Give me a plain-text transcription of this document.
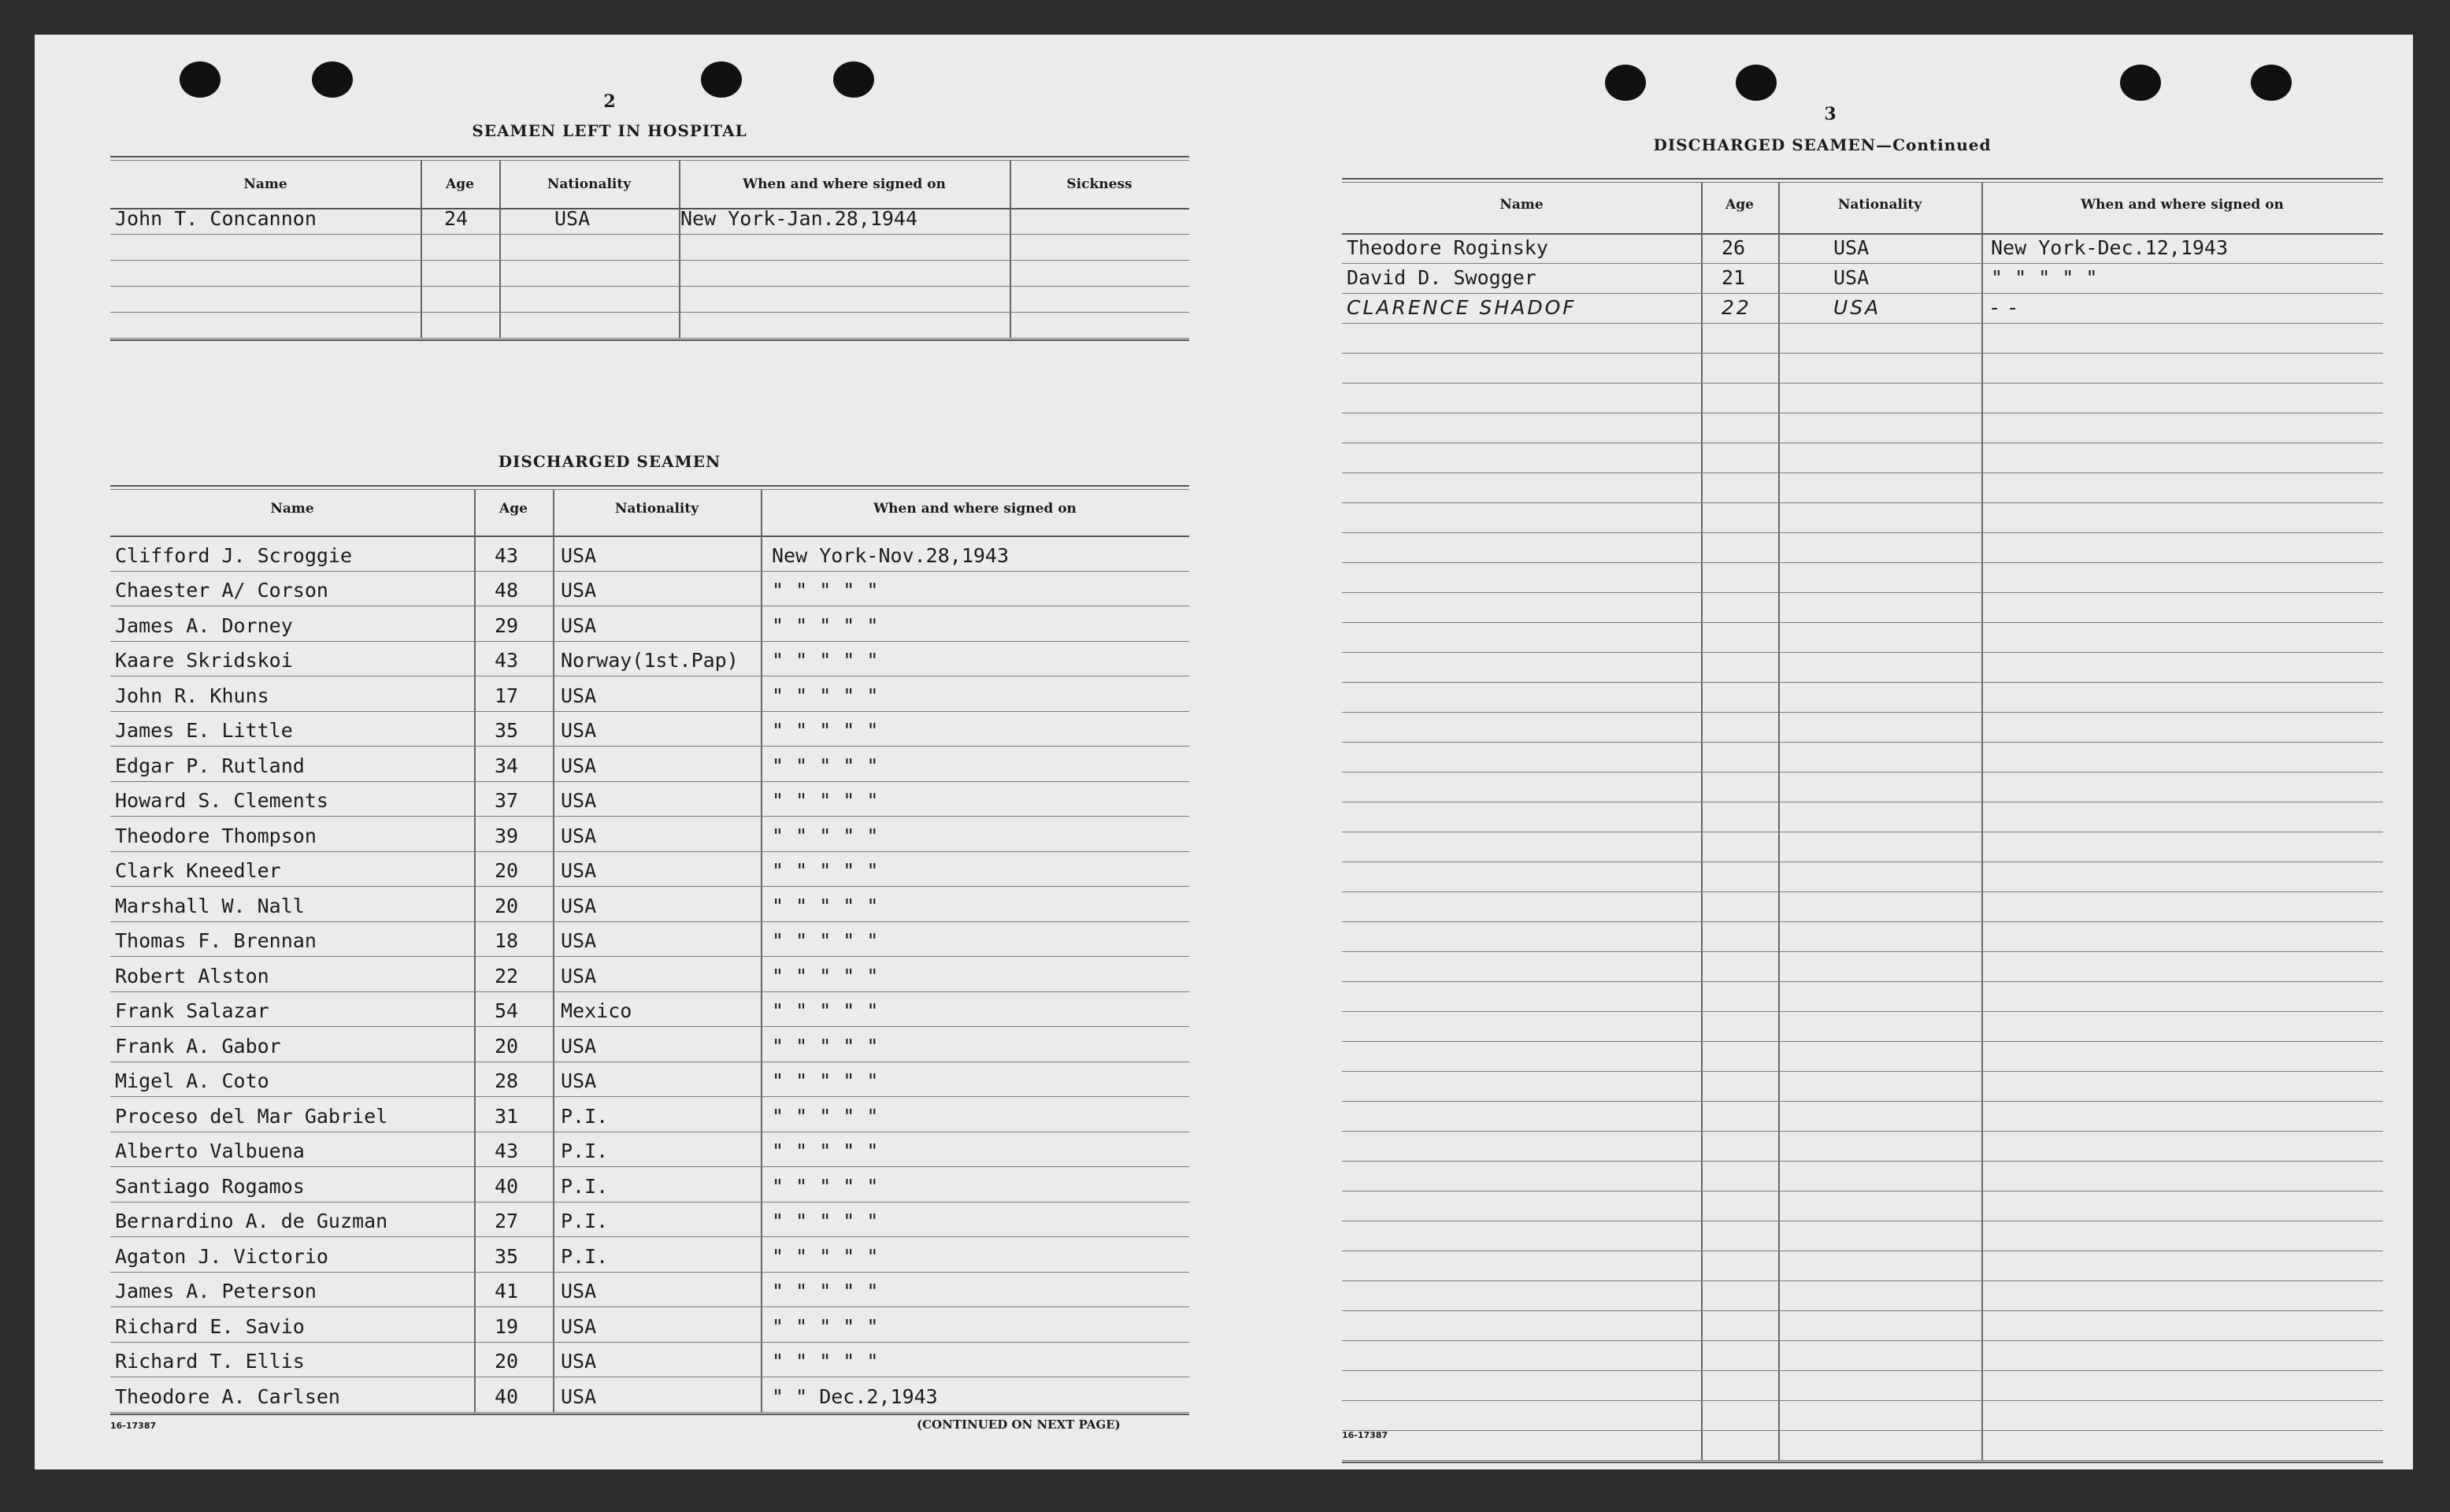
2
SEAMEN LEFT IN HOSPITAL
Name	Age	Nationality	When and where signed on	Sickness
John T. Concannon	24	USA	New York-Jan.28,1944
DISCHARGED SEAMEN
Name	Age	Nationality	When and where signed on
Clifford J. Scroggie	43 USA	New York-Nov.28,1943
Chaester A/ Corson	48 USA	" " " " "
James A. Dorney	29 USA	" " " " "
Kaare Skridskoi	43 Norway(1st.Pap) " " " " "
John R. Khuns	17 USA	" " " " "
James E. Little	35 USA	" " " " "
Edgar P. Rutland	34 USA	" " " " "
Howard S. Clements	37 USA	" " " " "
Theodore Thompson	39 USA	" " " " "
Clark Kneedler	20 USA	" " " " "
Marshall W. Nall	20 USA	" " " " "
Thomas F. Brennan	18 USA	" " " " "
Robert Alston	22 USA	" " " " "
Frank Salazar	54 Mexico	" " " " "
Frank A. Gabor	20 USA	" " " " "
Migel A. Coto	28 USA	" " " " "
Proceso del Mar Gabriel	31 P.I.	" " " " "
Alberto Valbuena	43 P.I.	" " " " "
Santiago Rogamos	40 P.I.	" " " " "
Bernardino A. de Guzman	27 P.I.	" " " " "
Agaton J. Victorio	35 P.I.	" " " " "
James A. Peterson	41 USA	" " " " "
Richard E. Savio	19 USA	" " " " "
Richard T. Ellis	20 USA	" " " " "
Theodore A. Carlsen	40 USA	" " Dec.2,1943
16-17387	(CONTINUED ON NEXT PAGE)
3
DISCHARGED SEAMEN—Continued
Name	Age	Nationality	When and where signed on
Theodore Roginsky	26	USA	New York-Dec.12,1943
David D. Swogger	21	USA	" " " " "
CLARENCE SHADOF	22	USA	- -
16-17387
